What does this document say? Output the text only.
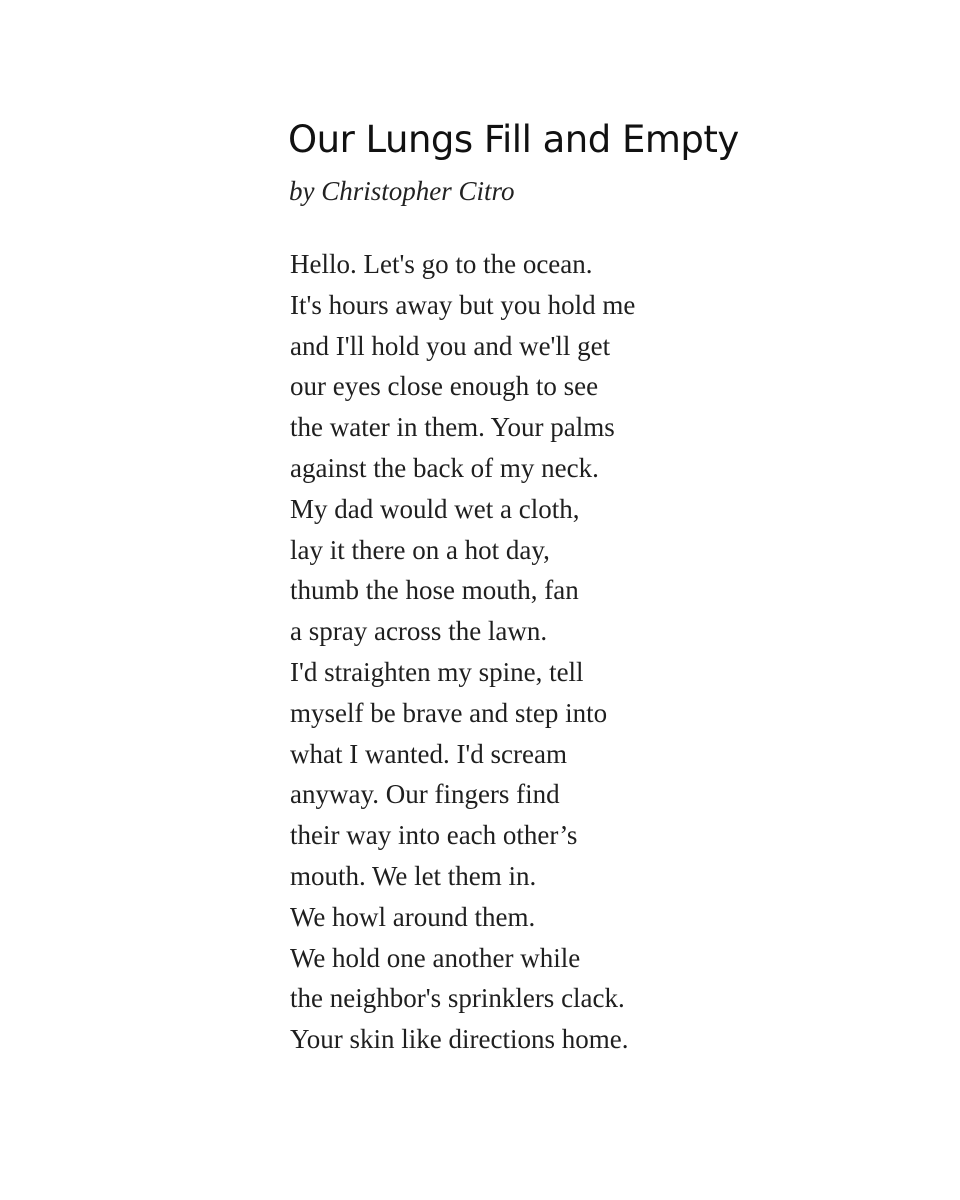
Our Lungs Fill and Empty

by Christopher Citro

Hello. Let's go to the ocean.
It's hours away but you hold me
and I'll hold you and we'll get
our eyes close enough to see
the water in them. Your palms
against the back of my neck.
My dad would wet a cloth,
lay it there on a hot day,
thumb the hose mouth, fan
a spray across the lawn.
I'd straighten my spine, tell
myself be brave and step into
what I wanted. I'd scream
anyway. Our fingers find
their way into each other’s
mouth. We let them in.
We howl around them.
We hold one another while
the neighbor's sprinklers clack.
Your skin like directions home.
